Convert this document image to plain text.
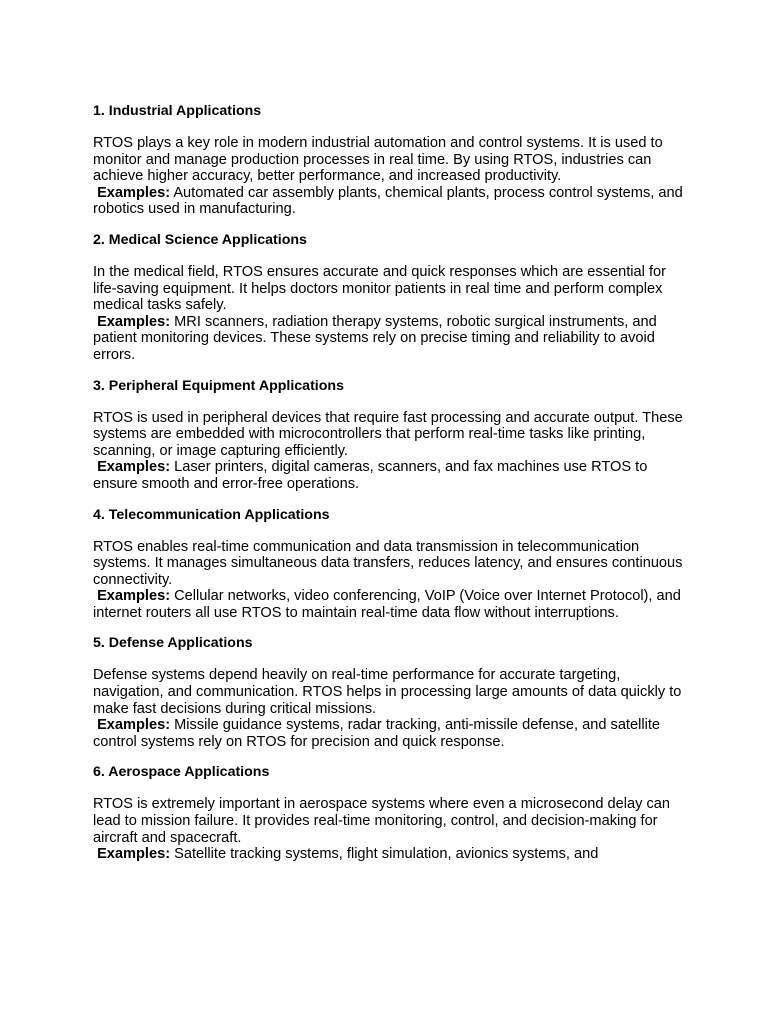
1. Industrial Applications

RTOS plays a key role in modern industrial automation and control systems. It is used to monitor and manage production processes in real time. By using RTOS, industries can achieve higher accuracy, better performance, and increased productivity.

Examples: Automated car assembly plants, chemical plants, process control systems, and robotics used in manufacturing.

2. Medical Science Applications

In the medical field, RTOS ensures accurate and quick responses which are essential for life-saving equipment. It helps doctors monitor patients in real time and perform complex medical tasks safely.

Examples: MRI scanners, radiation therapy systems, robotic surgical instruments, and patient monitoring devices. These systems rely on precise timing and reliability to avoid errors.

3. Peripheral Equipment Applications

RTOS is used in peripheral devices that require fast processing and accurate output. These systems are embedded with microcontrollers that perform real-time tasks like printing, scanning, or image capturing efficiently.

Examples: Laser printers, digital cameras, scanners, and fax machines use RTOS to ensure smooth and error-free operations.

4. Telecommunication Applications

RTOS enables real-time communication and data transmission in telecommunication systems. It manages simultaneous data transfers, reduces latency, and ensures continuous connectivity.

Examples: Cellular networks, video conferencing, VoIP (Voice over Internet Protocol), and internet routers all use RTOS to maintain real-time data flow without interruptions.

5. Defense Applications

Defense systems depend heavily on real-time performance for accurate targeting, navigation, and communication. RTOS helps in processing large amounts of data quickly to make fast decisions during critical missions.

Examples: Missile guidance systems, radar tracking, anti-missile defense, and satellite control systems rely on RTOS for precision and quick response.

6. Aerospace Applications

RTOS is extremely important in aerospace systems where even a microsecond delay can lead to mission failure. It provides real-time monitoring, control, and decision-making for aircraft and spacecraft.

Examples: Satellite tracking systems, flight simulation, avionics systems, and
